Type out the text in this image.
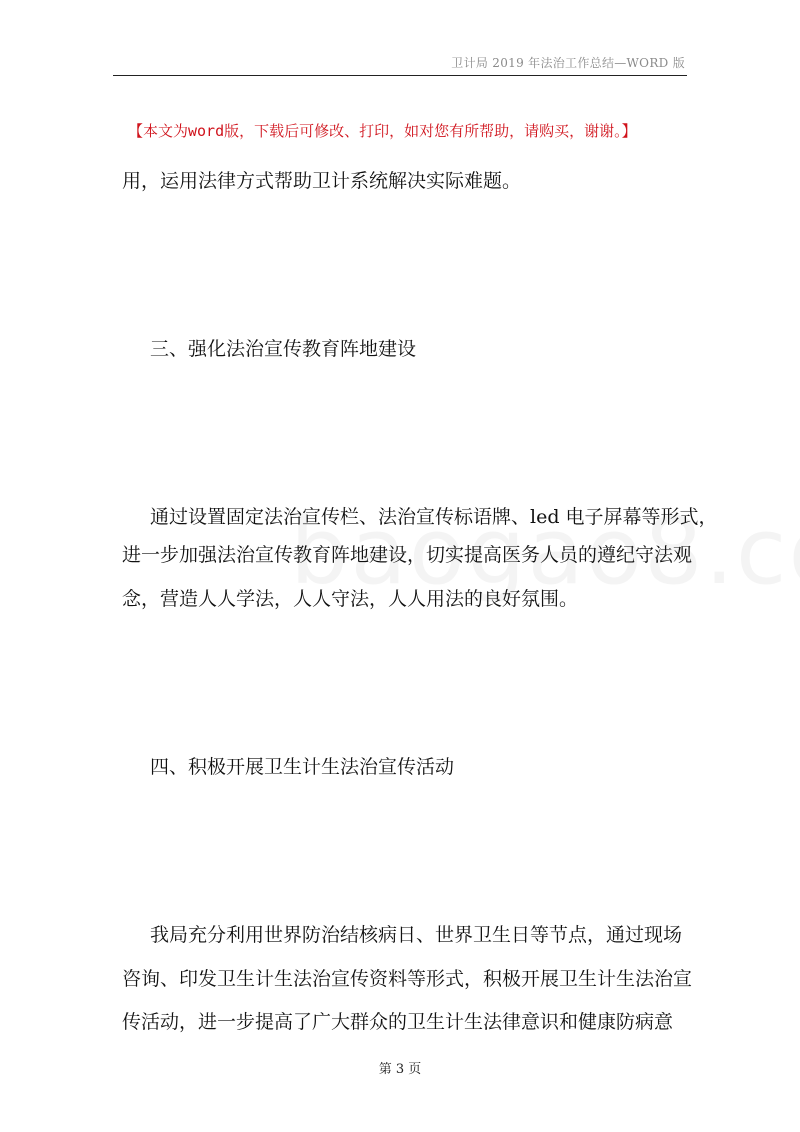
卫计局 2019 年法治工作总结—WORD 版
【本文为word版，下载后可修改、打印，如对您有所帮助，请购买，谢谢。】
用，运用法律方式帮助卫计系统解决实际难题。
三、强化法治宣传教育阵地建设
通过设置固定法治宣传栏、法治宣传标语牌、led 电子屏幕等形式，
进一步加强法治宣传教育阵地建设，切实提高医务人员的遵纪守法观
念，营造人人学法，人人守法，人人用法的良好氛围。
四、积极开展卫生计生法治宣传活动
我局充分利用世界防治结核病日、世界卫生日等节点，通过现场
咨询、印发卫生计生法治宣传资料等形式，积极开展卫生计生法治宣
传活动，进一步提高了广大群众的卫生计生法律意识和健康防病意
第 3 页
